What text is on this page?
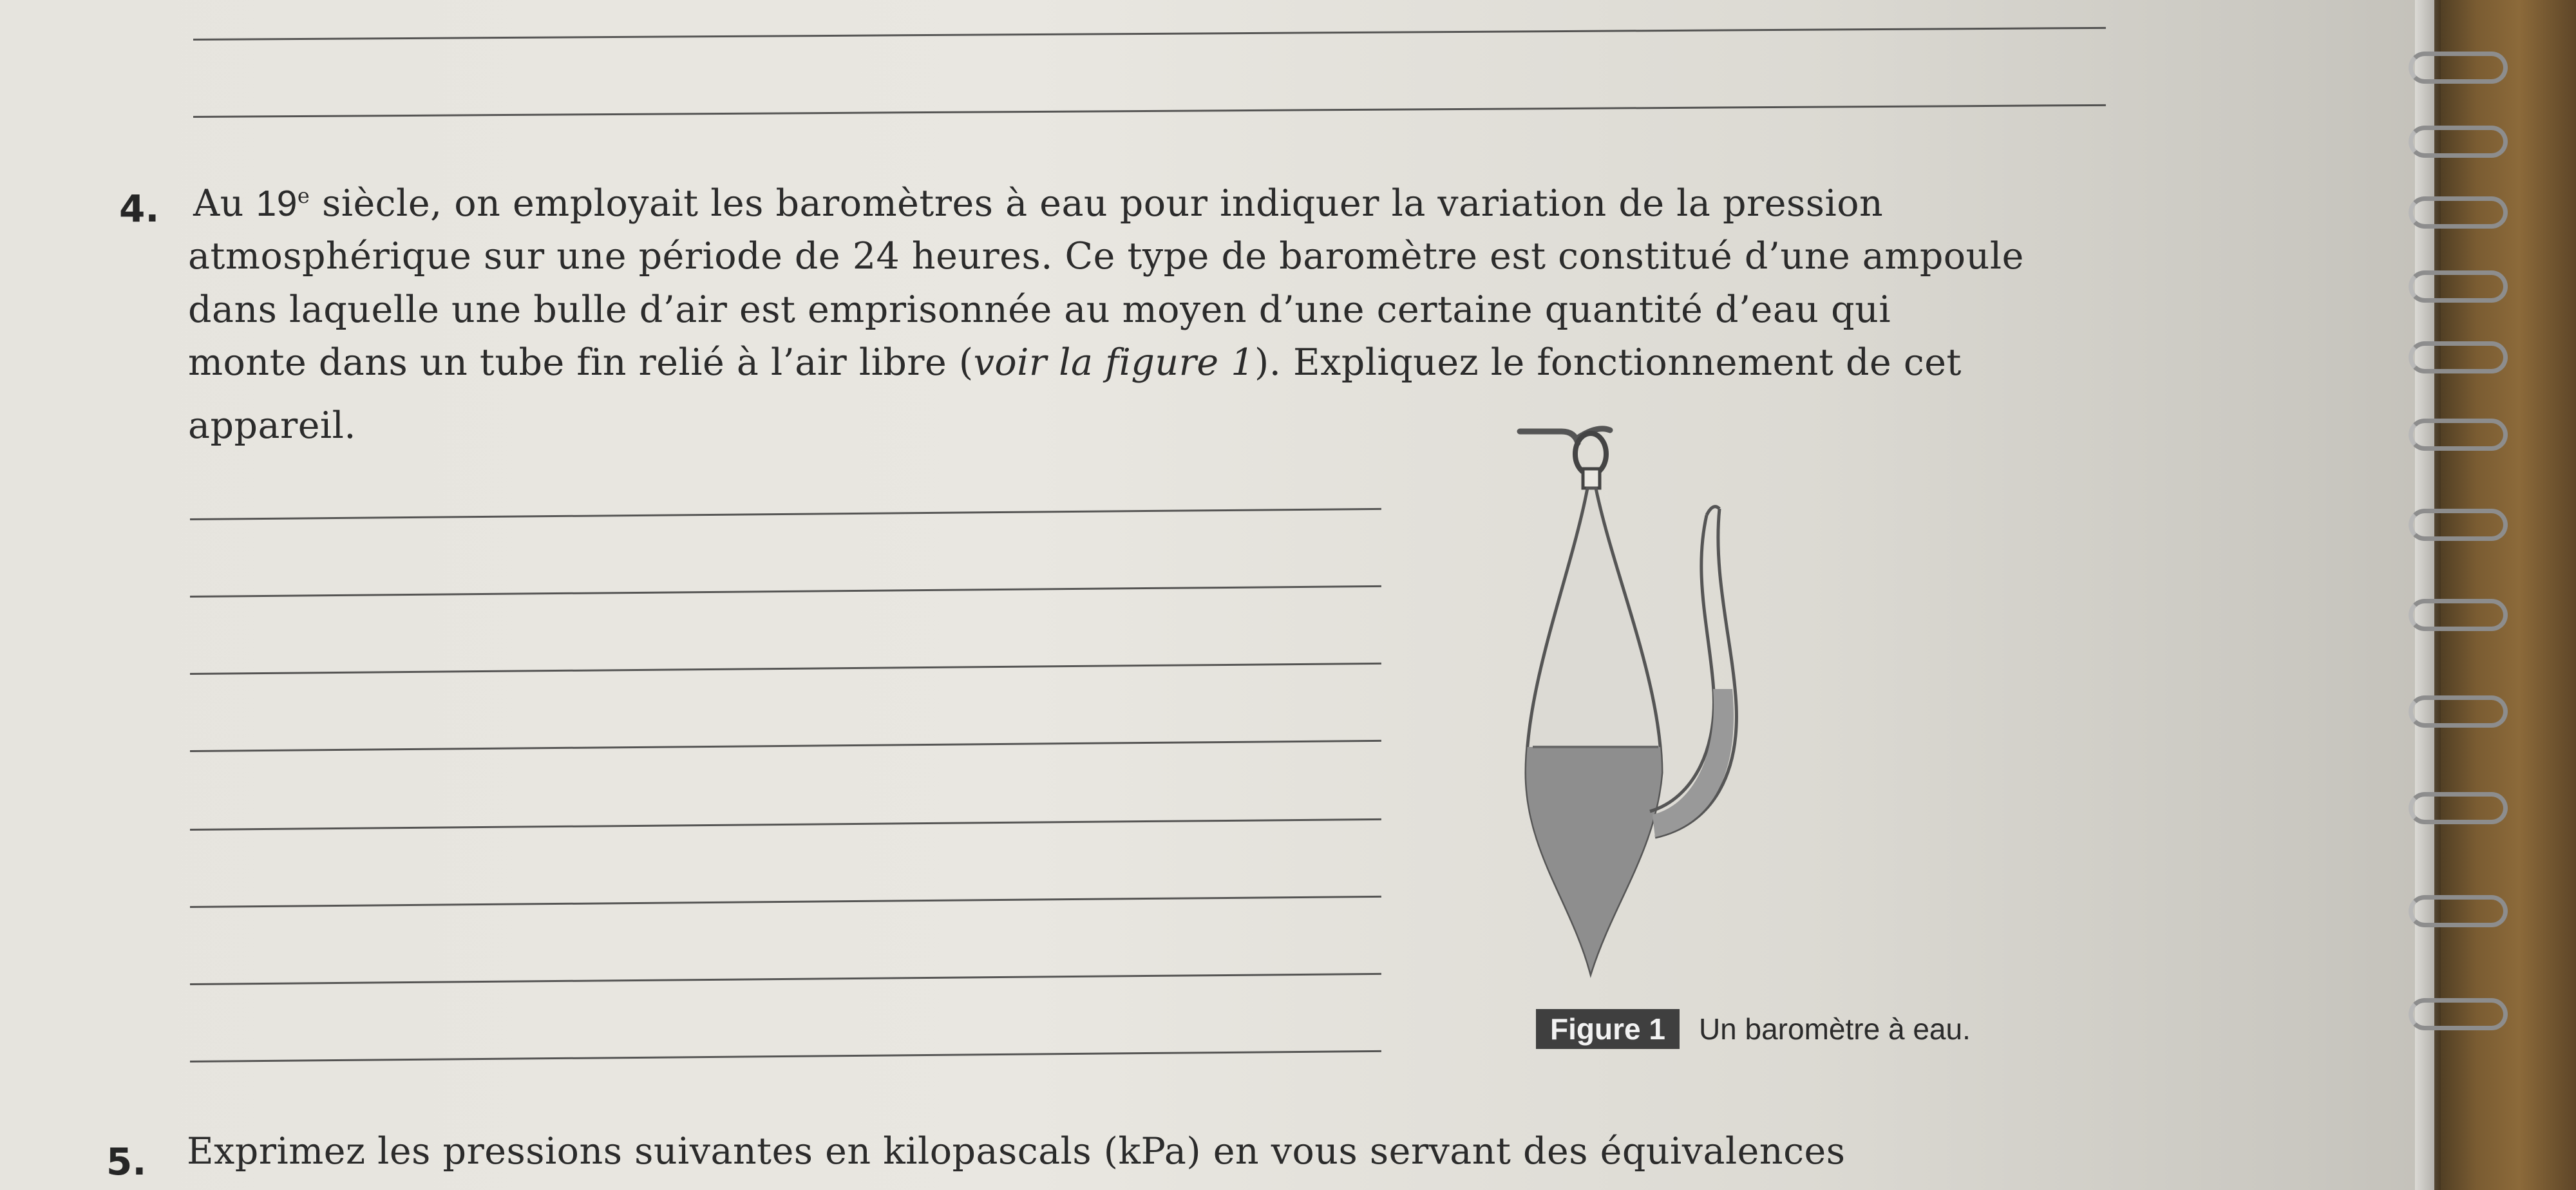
4. Au 19e siècle, on employait les baromètres à eau pour indiquer la variation de la pression
atmosphérique sur une période de 24 heures. Ce type de baromètre est constitué d’une ampoule
dans laquelle une bulle d’air est emprisonnée au moyen d’une certaine quantité d’eau qui
monte dans un tube fin relié à l’air libre (voir la figure 1). Expliquez le fonctionnement de cet
appareil.
Figure 1	Un baromètre à eau.
5. Exprimez les pressions suivantes en kilopascals (kPa) en vous servant des équivalences
